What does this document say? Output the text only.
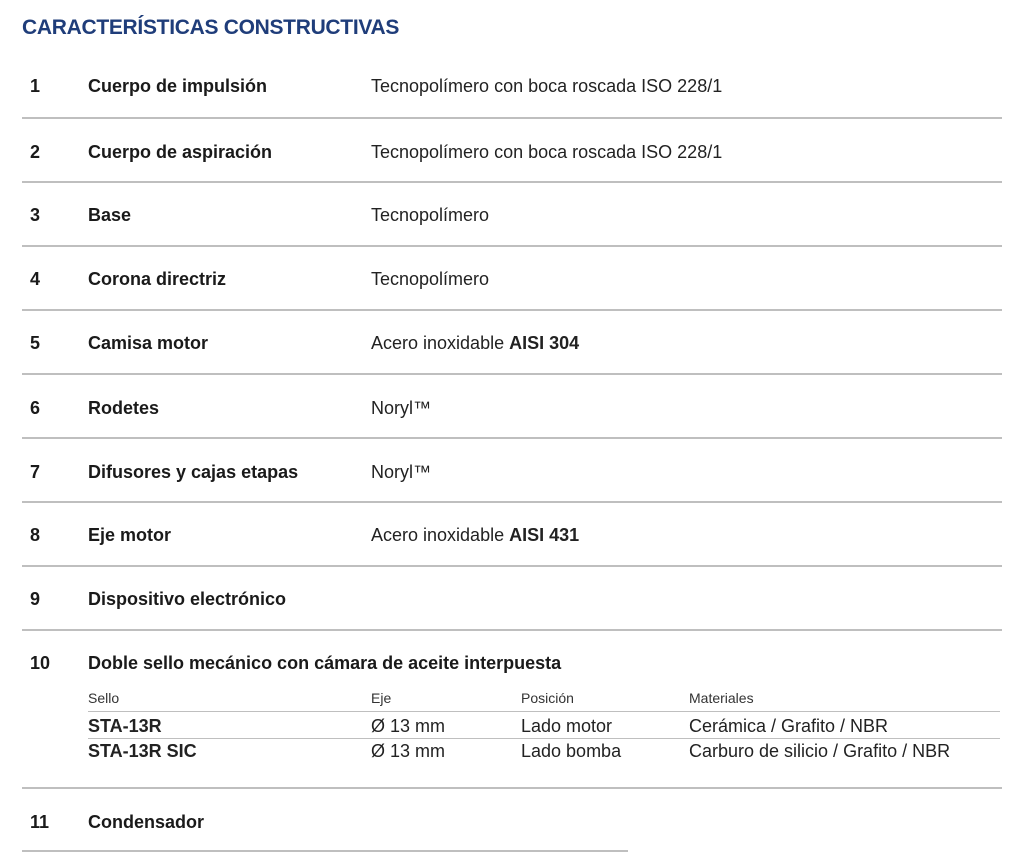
CARACTERÍSTICAS CONSTRUCTIVAS
1	Cuerpo de impulsión	Tecnopolímero con boca roscada ISO 228/1
2	Cuerpo de aspiración	Tecnopolímero con boca roscada ISO 228/1
3	Base	Tecnopolímero
4	Corona directriz	Tecnopolímero
5	Camisa motor	Acero inoxidable AISI 304
6	Rodetes	Noryl™
7	Difusores y cajas etapas	Noryl™
8	Eje motor	Acero inoxidable AISI 431
9	Dispositivo electrónico
10 Doble sello mecánico con cámara de aceite interpuesta
Sello	Eje	Posición	Materiales
STA-13R	Ø 13 mm	Lado motor	Cerámica / Grafito / NBR
STA-13R SIC	Ø 13 mm	Lado bomba	Carburo de silicio / Grafito / NBR
11 Condensador
